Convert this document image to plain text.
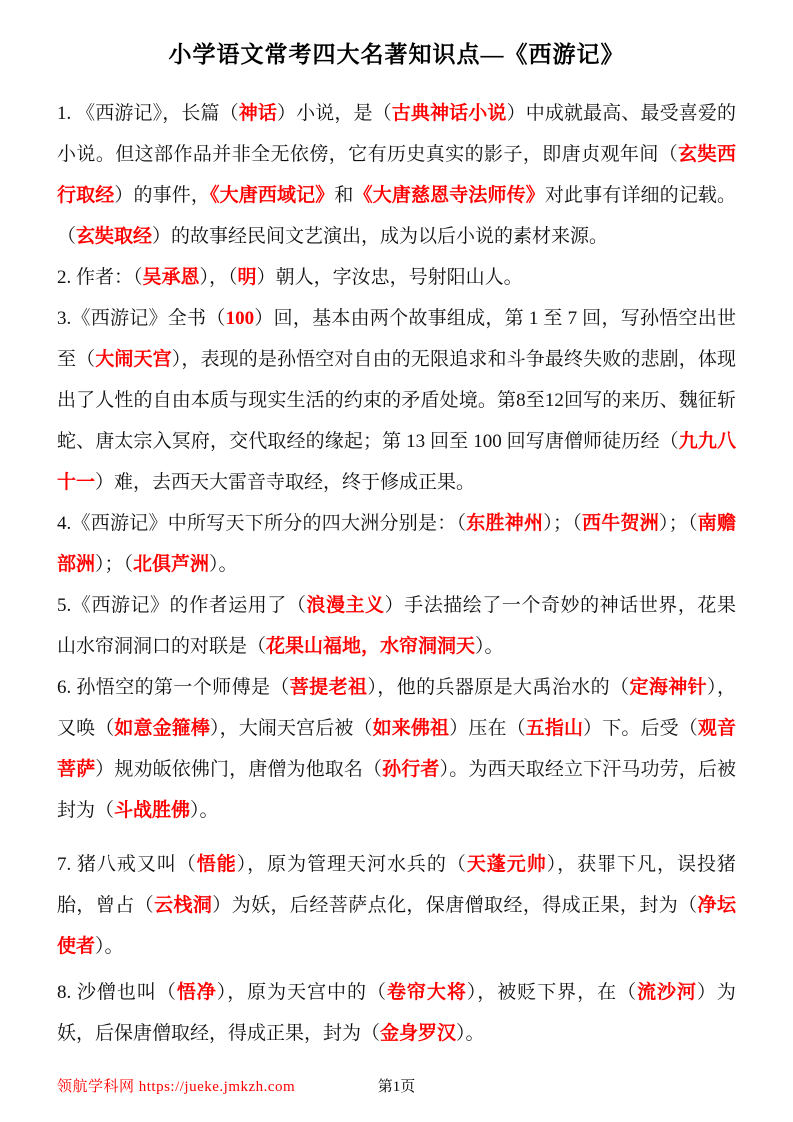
小学语文常考四大名著知识点—《西游记》

1. 《西游记》，长篇（神话）小说，是（古典神话小说）中成就最高、最受喜爱的小说。但这部作品并非全无依傍，它有历史真实的影子，即唐贞观年间（玄奘西行取经）的事件，《大唐西域记》和《大唐慈恩寺法师传》对此事有详细的记载。（玄奘取经）的故事经民间文艺演出，成为以后小说的素材来源。

2. 作者：（吴承恩），（明）朝人，字汝忠，号射阳山人。

3.《西游记》全书（100）回，基本由两个故事组成，第 1 至 7 回，写孙悟空出世至（大闹天宫），表现的是孙悟空对自由的无限追求和斗争最终失败的悲剧，体现出了人性的自由本质与现实生活的约束的矛盾处境。第8至12回写的来历、魏征斩蛇、唐太宗入冥府，交代取经的缘起；第 13 回至 100 回写唐僧师徒历经（九九八十一）难，去西天大雷音寺取经，终于修成正果。

4.《西游记》中所写天下所分的四大洲分别是：（东胜神州）；（西牛贺洲）；（南赡部洲）；（北俱芦洲）。

5.《西游记》的作者运用了（浪漫主义）手法描绘了一个奇妙的神话世界，花果山水帘洞洞口的对联是（花果山福地，水帘洞洞天）。

6. 孙悟空的第一个师傅是（菩提老祖），他的兵器原是大禹治水的（定海神针），又唤（如意金箍棒），大闹天宫后被（如来佛祖）压在（五指山）下。后受（观音菩萨）规劝皈依佛门，唐僧为他取名（孙行者）。为西天取经立下汗马功劳，后被封为（斗战胜佛）。

7. 猪八戒又叫（悟能），原为管理天河水兵的（天蓬元帅），获罪下凡，误投猪胎，曾占（云栈洞）为妖，后经菩萨点化，保唐僧取经，得成正果，封为（净坛使者）。

8. 沙僧也叫（悟净），原为天宫中的（卷帘大将），被贬下界，在（流沙河）为妖，后保唐僧取经，得成正果，封为（金身罗汉）。

第1页
领航学科网 https://jueke.jmkzh.com
